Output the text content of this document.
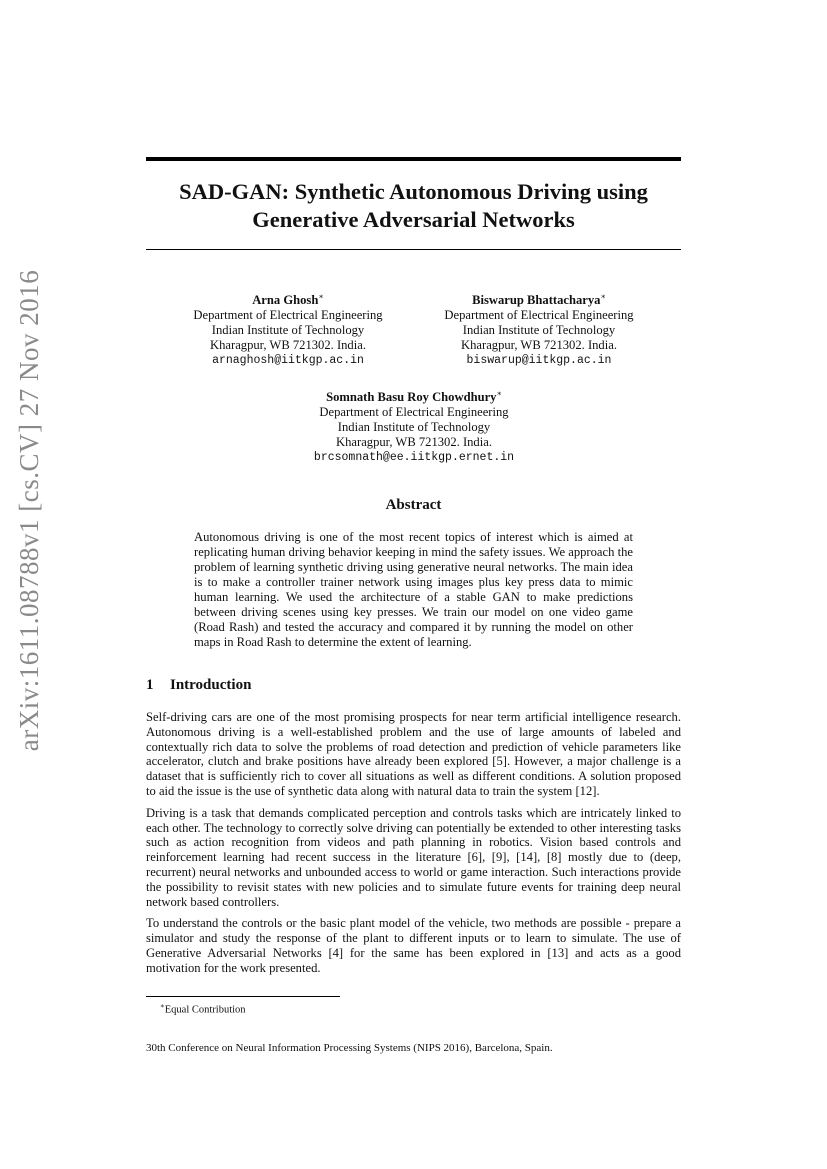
arXiv:1611.08788v1 [cs.CV] 27 Nov 2016
SAD-GAN: Synthetic Autonomous Driving using
Generative Adversarial Networks
Arna Ghosh∗
Department of Electrical Engineering
Indian Institute of Technology
Kharagpur, WB 721302. India.
arnaghosh@iitkgp.ac.in
Biswarup Bhattacharya∗
Department of Electrical Engineering
Indian Institute of Technology
Kharagpur, WB 721302. India.
biswarup@iitkgp.ac.in
Somnath Basu Roy Chowdhury∗
Department of Electrical Engineering
Indian Institute of Technology
Kharagpur, WB 721302. India.
brcsomnath@ee.iitkgp.ernet.in
Abstract
Autonomous driving is one of the most recent topics of interest which is aimed at replicating human driving behavior keeping in mind the safety issues. We approach the problem of learning synthetic driving using generative neural networks. The main idea is to make a controller trainer network using images plus key press data to mimic human learning. We used the architecture of a stable GAN to make predictions between driving scenes using key presses. We train our model on one video game (Road Rash) and tested the accuracy and compared it by running the model on other maps in Road Rash to determine the extent of learning.
1 Introduction

Self-driving cars are one of the most promising prospects for near term artificial intelligence research. Autonomous driving is a well-established problem and the use of large amounts of labeled and contextually rich data to solve the problems of road detection and prediction of vehicle parameters like accelerator, clutch and brake positions have already been explored [5]. However, a major challenge is a dataset that is sufficiently rich to cover all situations as well as different conditions. A solution proposed to aid the issue is the use of synthetic data along with natural data to train the system [12].

Driving is a task that demands complicated perception and controls tasks which are intricately linked to each other. The technology to correctly solve driving can potentially be extended to other interesting tasks such as action recognition from videos and path planning in robotics. Vision based controls and reinforcement learning had recent success in the literature [6], [9], [14], [8] mostly due to (deep, recurrent) neural networks and unbounded access to world or game interaction. Such interactions provide the possibility to revisit states with new policies and to simulate future events for training deep neural network based controllers.

To understand the controls or the basic plant model of the vehicle, two methods are possible - prepare a simulator and study the response of the plant to different inputs or to learn to simulate. The use of Generative Adversarial Networks [4] for the same has been explored in [13] and acts as a good motivation for the work presented.

∗Equal Contribution
30th Conference on Neural Information Processing Systems (NIPS 2016), Barcelona, Spain.
